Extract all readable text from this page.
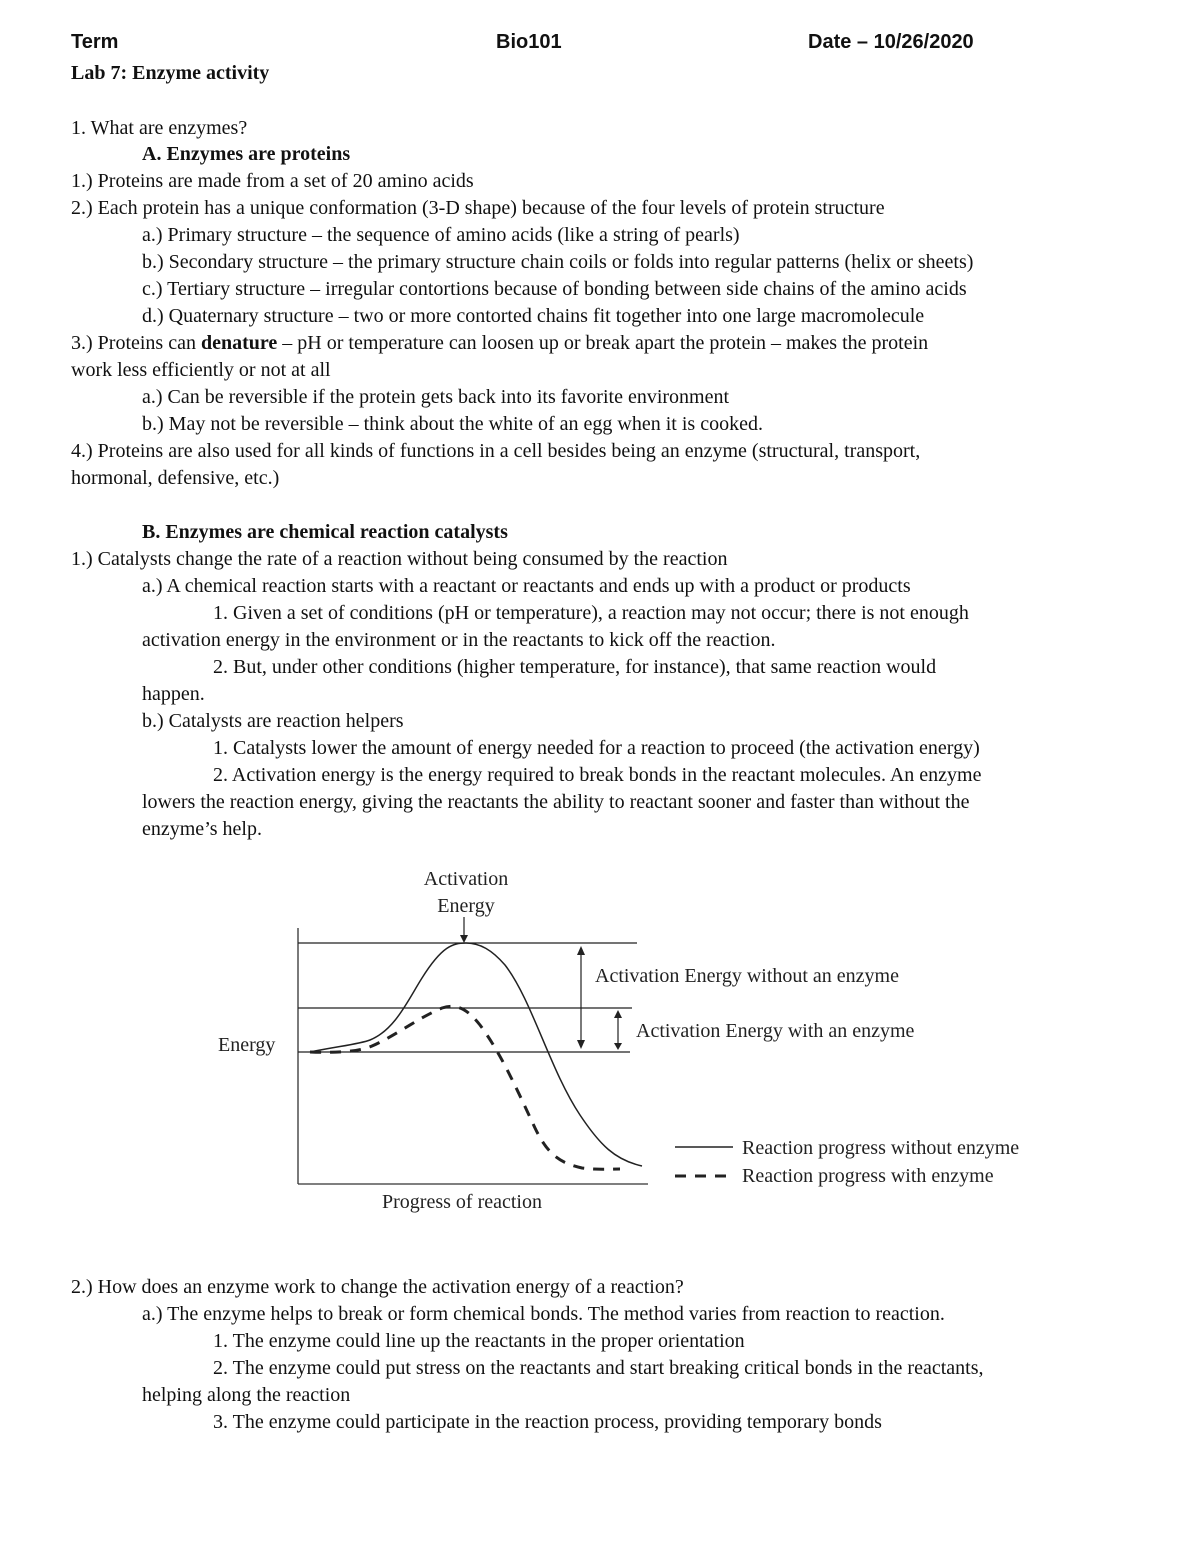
Term	Bio101	Date – 10/26/2020
Lab 7: Enzyme activity
1. What are enzymes?
A. Enzymes are proteins
1.) Proteins are made from a set of 20 amino acids
2.) Each protein has a unique conformation (3-D shape) because of the four levels of protein structure
a.) Primary structure – the sequence of amino acids (like a string of pearls)
b.) Secondary structure – the primary structure chain coils or folds into regular patterns (helix or sheets)
c.) Tertiary structure – irregular contortions because of bonding between side chains of the amino acids
d.) Quaternary structure – two or more contorted chains fit together into one large macromolecule
3.) Proteins can denature – pH or temperature can loosen up or break apart the protein – makes the protein
work less efficiently or not at all
a.) Can be reversible if the protein gets back into its favorite environment
b.) May not be reversible – think about the white of an egg when it is cooked.
4.) Proteins are also used for all kinds of functions in a cell besides being an enzyme (structural, transport,
hormonal, defensive, etc.)
B. Enzymes are chemical reaction catalysts
1.) Catalysts change the rate of a reaction without being consumed by the reaction
a.) A chemical reaction starts with a reactant or reactants and ends up with a product or products
1. Given a set of conditions (pH or temperature), a reaction may not occur; there is not enough
activation energy in the environment or in the reactants to kick off the reaction.
2. But, under other conditions (higher temperature, for instance), that same reaction would
happen.
b.) Catalysts are reaction helpers
1. Catalysts lower the amount of energy needed for a reaction to proceed (the activation energy)
2. Activation energy is the energy required to break bonds in the reactant molecules. An enzyme
lowers the reaction energy, giving the reactants the ability to reactant sooner and faster than without the
enzyme’s help.
Activation
Energy
Activation Energy without an enzyme
Activation Energy with an enzyme
Energy
Progress of reaction
Reaction progress without enzyme
Reaction progress with enzyme
2.) How does an enzyme work to change the activation energy of a reaction?
a.) The enzyme helps to break or form chemical bonds. The method varies from reaction to reaction.
1. The enzyme could line up the reactants in the proper orientation
2. The enzyme could put stress on the reactants and start breaking critical bonds in the reactants,
helping along the reaction
3. The enzyme could participate in the reaction process, providing temporary bonds
